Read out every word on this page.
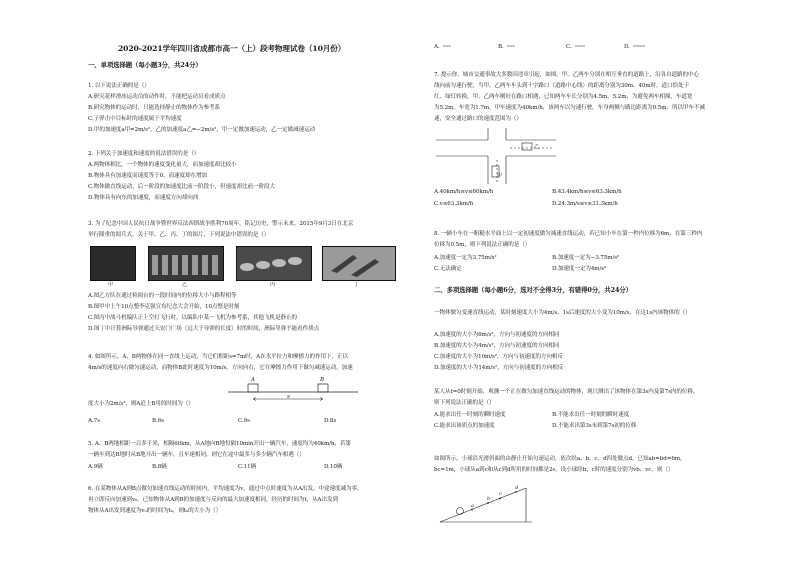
2020-2021学年四川省成都市高一（上）段考物理试卷（10月份）
一、单项选择题（每小题3分，共24分）
1. 以下说法正确的是（）
A.研究花样滑冰运动员的动作时，不能把运动员看成质点
B.研究物体的运动时，只能选择静止的物体作为参考系
C.子弹击中目标时的速度属于平均速度
D.甲的加速度a甲=2m/s²，乙的加速度a乙=−2m/s²，甲一定做加速运动，乙一定做减速运动
2. 下列关于加速度和速度的说法错误的是（）
A.两物体相比，一个物体的速度变化量大，而加速度却比较小
B.物体具有加速度而速度等于0，而速度却在增加
C.物体做直线运动，后一阶段的加速度比前一阶段小，但速度却比前一阶段大
D.物体具有向东的加速度，而速度方向却向西
3. 为了纪念中国人民抗日战争暨世界反法西斯战争胜利70周年，铭记历史，警示未来，2015年9月3日在北京
举行隆重的阅兵式。关于甲、乙、丙、丁的图片，下列说法中错误的是（）
甲	乙	丙	丁
A.图乙方队在通过检阅台的一段时间内的位移大小与路程相等
B.图甲中上午10点整李克强宣布纪念大会开始，10点整是时刻
C.图丙中战斗机编队正上空打飞行时，以编队中某一飞机为参考系，其他飞机是静止的
D.图丁中计算洲际导弹通过天安门广场（远大于导弹的长度）时的时间，洲际导弹不能看作质点
4. 如图所示，A、B两物体在同一直线上运动，当它们相距s=7m时，A在水平拉力和摩擦力的作用下，正以
4m/s的速度向右做匀速运动，而物体B此时速度为10m/s，方向向右，它在摩擦力作用下做匀减速运动，加速
A	B
s
度大小为2m/s²，则A追上B用的时间为（）
A.7s	B.6s	C.9s	D.8s
5. A、B两地相距一百多千米，相隔60km，从A地向B地每隔10min开出一辆汽车，速度均为40km/h，若第
一辆车到达B地时从B地开出一辆车，且车速相同，则它在途中最多与多少辆汽车相遇（）
A.9辆	B.8辆	C.11辆	D.10辆
6. 在某物体从A到B点做匀加速直线运动的时间内，平均速度为v，通过中点时速度为从A出发，中途速度减为零，
再立即反向加速到v₀，已知物体从A到B的加速度与反向的最大加速度相同，经历的时间为t，从A出发到
物体从A出发到速度为v₀的时间为t₀，则t₀的大小为（）
A.	B.	C.	D.
7. 提示你，城市交通事故大多数因违章引起，如图，甲、乙两车分别在相互垂直的道路上，沿各自道路的中心
线向前匀速行驶，当甲、乙两车车头到十字路口（道路中心线）的距离分别为30m、40m时，道口恰处于
红、绿灯转换，甲、乙两车刚好在路口相遇，已知两车车长分别为4.5m、5.2m，为避免两车相撞，车道宽
为5.2m，车宽为1.7m，甲车速度为40km/h，该两车以匀速行驶，车身两侧与路边距离为0.5m，所以甲车不减
速，安全通过路口的速度范围为（）
甲
乙
A.40km/h≤v≤60km/h	B.43.4km/h≤v≤63.3km/h
C.v≤63.3km/h	D.24.3m/s≤v≤31.3km/h
8. 一辆小车在一粗糙水平面上以一定初速度做匀减速直线运动，若已知小车在第一秒内位移为6m，在第三秒内
位移为0.5m，则下列说法正确的是（）
A.加速度一定为3.75m/s²	B.加速度一定为−3.75m/s²
C.无法确定	D.加速度一定为4m/s²
二、多项选择题（每小题6分，选对不全得3分，有错得0分，共24分）
一物体做匀变速直线运动，某时刻速度大小为4m/s，1s后速度的大小变为10m/s，在这1s内该物体的（）
A.加速度的大小为6m/s²，方向与初速度的方向相同
B.加速度的大小为4m/s²，方向与初速度的方向相同
C.加速度的大小为10m/s²，方向与初速度的方向相反
D.加速度的大小为14m/s²，方向与初速度的方向相反
某人从t=0时刻开始，观测一个正在做匀加速直线运动的物体，现只测出了该物体在第3s内及第7s内的位移，
则下列说法正确的是（）
A.能求出任一时刻的瞬时速度	B.不能求出任一时刻的瞬时速度
C.能求出该质点的加速度	D.不能求出第3s末到第7s初的位移
如图所示，小球沿光滑斜面的由静止开始匀速运动，依次经a、b、c、d四处做点d，已知ab=bd=6m，
bc=1m，小球从a到c和从c到d所用的时间都是2s，设小球经b、c时的速度分别为vb、vc，则（）
a
b
c
d
